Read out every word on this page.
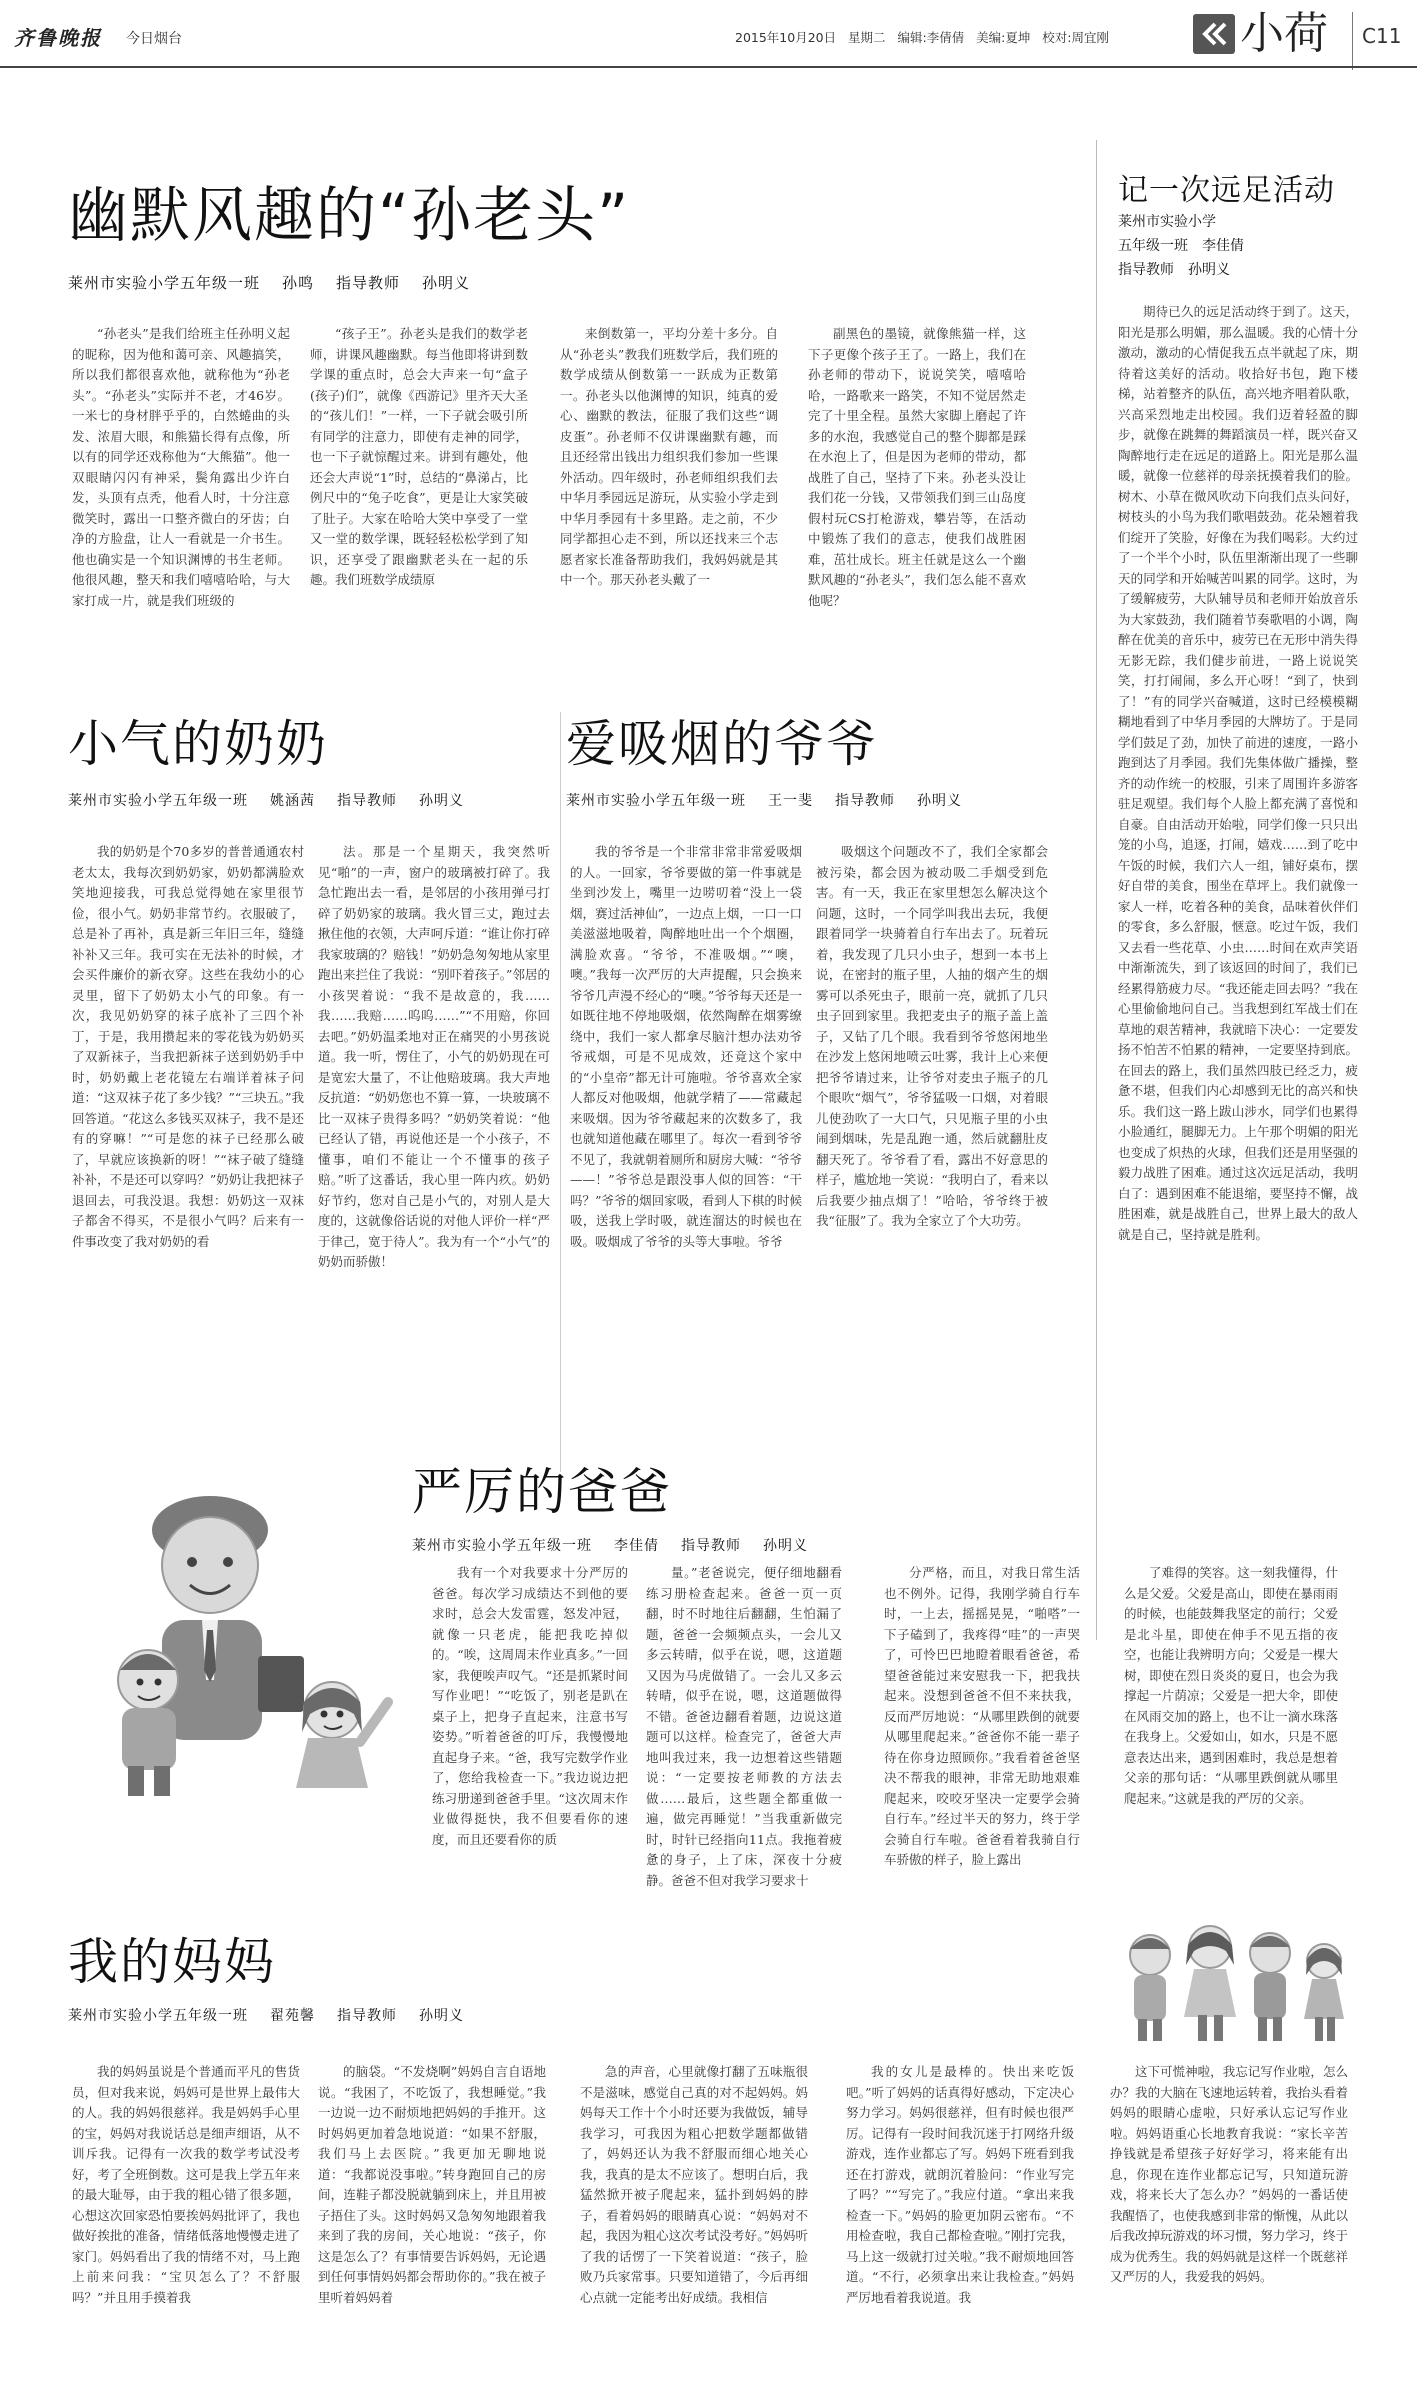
齐鲁晚报 今日烟台	2015年10月20日 星期二 编辑:李倩倩 美编:夏坤 校对:周宜刚	小荷 C11
幽默风趣的“孙老头”
莱州市实验小学五年级一班 孙鸣 指导教师 孙明义

“孙老头”是我们给班主任孙明义起的昵称，因为他和蔼可亲、风趣搞笑，所以我们都很喜欢他，就称他为“孙老头”。“孙老头”实际并不老，才46岁。一米七的身材胖乎乎的，白然蜷曲的头发、浓眉大眼，和熊猫长得有点像，所以有的同学还戏称他为“大熊猫”。他一双眼睛闪闪有神采，鬓角露出少许白发，头顶有点秃，他看人时，十分注意微笑时，露出一口整齐微白的牙齿；白净的方脸盘，让人一看就是一介书生。他也确实是一个知识渊博的书生老师。他很风趣，整天和我们嘻嘻哈哈，与大家打成一片，就是我们班级的

“孩子王”。孙老头是我们的数学老师，讲课风趣幽默。每当他即将讲到数学课的重点时，总会大声来一句“盒子(孩子)们”，就像《西游记》里齐天大圣的“孩儿们！”一样，一下子就会吸引所有同学的注意力，即使有走神的同学，也一下子就惊醒过来。讲到有趣处，他还会大声说“1”时，总结的“鼻涕占，比例尺中的“兔子吃食”，更是让大家笑破了肚子。大家在哈哈大笑中享受了一堂又一堂的数学课，既轻轻松松学到了知识，还享受了跟幽默老头在一起的乐趣。我们班数学成绩原

来倒数第一，平均分差十多分。自从“孙老头”教我们班数学后，我们班的数学成绩从倒数第一一跃成为正数第一。孙老头以他渊博的知识，纯真的爱心、幽默的教法，征服了我们这些“调皮蛋”。孙老师不仅讲课幽默有趣，而且还经常出钱出力组织我们参加一些课外活动。四年级时，孙老师组织我们去中华月季园远足游玩，从实验小学走到中华月季园有十多里路。走之前，不少同学都担心走不到，所以还找来三个志愿者家长准备帮助我们，我妈妈就是其中一个。那天孙老头戴了一

副黑色的墨镜，就像熊猫一样，这下子更像个孩子王了。一路上，我们在孙老师的带动下，说说笑笑，嘻嘻哈哈，一路歌来一路笑，不知不觉居然走完了十里全程。虽然大家脚上磨起了许多的水泡，我感觉自己的整个脚都是踩在水泡上了，但是因为老师的带动，都战胜了自己，坚持了下来。孙老头没让我们花一分钱，又带领我们到三山岛度假村玩CS打枪游戏，攀岩等，在活动中锻炼了我们的意志，使我们战胜困难，茁壮成长。班主任就是这么一个幽默风趣的“孙老头”，我们怎么能不喜欢他呢？

记一次远足活动
莱州市实验小学
五年级一班　李佳倩
指导教师　孙明义

期待已久的远足活动终于到了。这天，阳光是那么明媚，那么温暖。我的心情十分激动，激动的心情促我五点半就起了床，期待着这美好的活动。收拾好书包，跑下楼梯，站着整齐的队伍，高兴地齐唱着队歌，兴高采烈地走出校园。我们迈着轻盈的脚步，就像在跳舞的舞蹈演员一样，既兴奋又陶醉地行走在远足的道路上。阳光是那么温暖，就像一位慈祥的母亲抚摸着我们的脸。树木、小草在微风吹动下向我们点头问好，树枝头的小鸟为我们歌唱鼓劲。花朵翘着我们绽开了笑脸，好像在为我们喝彩。大约过了一个半个小时，队伍里渐渐出现了一些聊天的同学和开始喊苦叫累的同学。这时，为了缓解疲劳，大队辅导员和老师开始放音乐为大家鼓劲，我们随着节奏歌唱的小调，陶醉在优美的音乐中，疲劳已在无形中消失得无影无踪，我们健步前进，一路上说说笑笑，打打闹闹，多么开心呀！“到了，快到了！”有的同学兴奋喊道，这时已经模模糊糊地看到了中华月季园的大牌坊了。于是同学们鼓足了劲，加快了前进的速度，一路小跑到达了月季园。我们先集体做广播操，整齐的动作统一的校服，引来了周围许多游客驻足观望。我们每个人脸上都充满了喜悦和自豪。自由活动开始啦，同学们像一只只出笼的小鸟，追逐，打闹，嬉戏……到了吃中午饭的时候，我们六人一组，铺好桌布，摆好自带的美食，围坐在草坪上。我们就像一家人一样，吃着各种的美食，品味着伙伴们的零食，多么舒服，惬意。吃过午饭，我们又去看一些花草、小虫……时间在欢声笑语中渐渐流失，到了该返回的时间了，我们已经累得筋疲力尽。“我还能走回去吗？”我在心里偷偷地问自己。当我想到红军战士们在草地的艰苦精神，我就暗下决心：一定要发扬不怕苦不怕累的精神，一定要坚持到底。在回去的路上，我们虽然四肢已经乏力，疲惫不堪，但我们内心却感到无比的高兴和快乐。我们这一路上跋山涉水，同学们也累得小脸通红，腿脚无力。上午那个明媚的阳光也变成了炽热的火球，但我们还是用坚强的毅力战胜了困难。通过这次远足活动，我明白了：遇到困难不能退缩，要坚持不懈，战胜困难，就是战胜自己，世界上最大的敌人就是自己，坚持就是胜利。

小气的奶奶
莱州市实验小学五年级一班 姚涵茜 指导教师 孙明义

我的奶奶是个70多岁的普普通通农村老太太，我每次到奶奶家，奶奶都满脸欢笑地迎接我，可我总觉得她在家里很节俭，很小气。奶奶非常节约。衣服破了，总是补了再补，真是新三年旧三年，缝缝补补又三年。我可实在无法补的时候，才会买件廉价的新衣穿。这些在我幼小的心灵里，留下了奶奶太小气的印象。有一次，我见奶奶穿的袜子底补了三四个补丁，于是，我用攒起来的零花钱为奶奶买了双新袜子，当我把新袜子送到奶奶手中时，奶奶戴上老花镜左右端详着袜子问道：“这双袜子花了多少钱？”“三块五。”我回答道。“花这么多钱买双袜子，我不是还有的穿嘛！”“可是您的袜子已经那么破了，早就应该换新的呀！”“袜子破了缝缝补补，不是还可以穿吗？”奶奶让我把袜子退回去，可我没退。我想：奶奶这一双袜子都舍不得买，不是很小气吗？后来有一件事改变了我对奶奶的看

法。那是一个星期天，我突然听见“啪”的一声，窗户的玻璃被打碎了。我急忙跑出去一看，是邻居的小孩用弹弓打碎了奶奶家的玻璃。我火冒三丈，跑过去揪住他的衣领，大声呵斥道：“谁让你打碎我家玻璃的？赔钱！”奶奶急匆匆地从家里跑出来拦住了我说：“别吓着孩子。”邻居的小孩哭着说：“我不是故意的，我……我……我赔……呜呜……”“不用赔，你回去吧。”奶奶温柔地对正在痛哭的小男孩说道。我一听，愣住了，小气的奶奶现在可是宽宏大量了，不让他赔玻璃。我大声地反抗道：“奶奶您也不算一算，一块玻璃不比一双袜子贵得多吗？”奶奶笑着说：“他已经认了错，再说他还是一个小孩子，不懂事，咱们不能让一个不懂事的孩子赔。”听了这番话，我心里一阵内疚。奶奶好节约，您对自己是小气的，对别人是大度的，这就像俗话说的对他人评价一样“严于律己，宽于待人”。我为有一个“小气”的奶奶而骄傲！

爱吸烟的爷爷
莱州市实验小学五年级一班 王一斐 指导教师 孙明义

我的爷爷是一个非常非常非常爱吸烟的人。一回家，爷爷要做的第一件事就是坐到沙发上，嘴里一边唠叨着“没上一袋烟，赛过活神仙”，一边点上烟，一口一口美滋滋地吸着，陶醉地吐出一个个烟圈，满脸欢喜。“爷爷，不准吸烟。”“噢，噢。”我每一次严厉的大声提醒，只会换来爷爷几声漫不经心的“噢。”爷爷每天还是一如既往地不停地吸烟，依然陶醉在烟雾缭绕中，我们一家人都拿尽脑汁想办法劝爷爷戒烟，可是不见成效，还竟这个家中的“小皇帝”都无计可施啦。爷爷喜欢全家人都反对他吸烟，他就学精了——常藏起来吸烟。因为爷爷藏起来的次数多了，我也就知道他藏在哪里了。每次一看到爷爷不见了，我就朝着厕所和厨房大喊：“爷爷——！”爷爷总是跟没事人似的回答：“干吗？”爷爷的烟回家吸，看到人下棋的时候吸，送我上学时吸，就连溜达的时候也在吸。吸烟成了爷爷的头等大事啦。爷爷

吸烟这个问题改不了，我们全家都会被污染，都会因为被动吸二手烟受到危害。有一天，我正在家里想怎么解决这个问题，这时，一个同学叫我出去玩，我便跟着同学一块骑着自行车出去了。玩着玩着，我发现了几只小虫子，想到一本书上说，在密封的瓶子里，人抽的烟产生的烟雾可以杀死虫子，眼前一亮，就抓了几只虫子回到家里。我把麦虫子的瓶子盖上盖子，又钻了几个眼。我看到爷爷悠闲地坐在沙发上悠闲地喷云吐雾，我计上心来便把爷爷请过来，让爷爷对麦虫子瓶子的几个眼吹“烟气”，爷爷猛吸一口烟，对着眼儿使劲吹了一大口气，只见瓶子里的小虫闹到烟味，先是乱跑一通，然后就翻肚皮翻天死了。爷爷看了看，露出不好意思的样子，尴尬地一笑说：“我明白了，看来以后我要少抽点烟了！”哈哈，爷爷终于被我“征服”了。我为全家立了个大功劳。

严厉的爸爸
莱州市实验小学五年级一班 李佳倩 指导教师 孙明义

我有一个对我要求十分严厉的爸爸。每次学习成绩达不到他的要求时，总会大发雷霆，怒发冲冠，就像一只老虎，能把我吃掉似的。“唉，这周周末作业真多。”一回家，我便唉声叹气。“还是抓紧时间写作业吧！”“吃饭了，别老是趴在桌子上，把身子直起来，注意书写姿势。”听着爸爸的叮斥，我慢慢地直起身子来。“爸，我写完数学作业了，您给我检查一下。”我边说边把练习册递到爸爸手里。“这次周末作业做得挺快，我不但要看你的速度，而且还要看你的质

量。”老爸说完，便仔细地翻看练习册检查起来。爸爸一页一页翻，时不时地往后翻翻，生怕漏了题，爸爸一会频频点头，一会儿又多云转晴，似乎在说，嗯，这道题又因为马虎做错了。一会儿又多云转晴，似乎在说，嗯，这道题做得不错。爸爸边翻看着题，边说这道题可以这样。检查完了，爸爸大声地叫我过来，我一边想着这些错题说：“一定要按老师教的方法去做……最后，这些题全都重做一遍，做完再睡觉！”当我重新做完时，时针已经指向11点。我拖着疲惫的身子，上了床，深夜十分疲静。爸爸不但对我学习要求十

分严格，而且，对我日常生活也不例外。记得，我刚学骑自行车时，一上去，摇摇晃晃，“啪嗒”一下子磕到了，我疼得“哇”的一声哭了，可怜巴巴地瞪着眼看爸爸，希望爸爸能过来安慰我一下，把我扶起来。没想到爸爸不但不来扶我，反而严厉地说：“从哪里跌倒的就要从哪里爬起来。”爸爸你不能一辈子待在你身边照顾你。”我看着爸爸坚决不帮我的眼神，非常无助地艰难爬起来，咬咬牙坚决一定要学会骑自行车。”经过半天的努力，终于学会骑自行车啦。爸爸看着我骑自行车骄傲的样子，脸上露出

了难得的笑容。这一刻我懂得，什么是父爱。父爱是高山，即使在暴雨雨的时候，也能鼓舞我坚定的前行；父爱是北斗星，即使在伸手不见五指的夜空，也能让我辨明方向；父爱是一棵大树，即使在烈日炎炎的夏日，也会为我撑起一片荫凉；父爱是一把大伞，即使在风雨交加的路上，也不让一滴水珠落在我身上。父爱如山，如水，只是不愿意表达出来，遇到困难时，我总是想着父亲的那句话：“从哪里跌倒就从哪里爬起来。”这就是我的严厉的父亲。

我的妈妈
莱州市实验小学五年级一班 翟苑馨 指导教师 孙明义

我的妈妈虽说是个普通而平凡的售货员，但对我来说，妈妈可是世界上最伟大的人。我的妈妈很慈祥。我是妈妈手心里的宝，妈妈对我说话总是细声细语，从不训斥我。记得有一次我的数学考试没考好，考了全班倒数。这可是我上学五年来的最大耻辱，由于我的粗心错了很多题，心想这次回家恐怕要挨妈妈批评了，我也做好挨批的准备，情绪低落地慢慢走进了家门。妈妈看出了我的情绪不对，马上跑上前来问我：“宝贝怎么了？不舒服吗？”并且用手摸着我

的脑袋。“不发烧啊”妈妈自言自语地说。“我困了，不吃饭了，我想睡觉。”我一边说一边不耐烦地把妈妈的手推开。这时妈妈更加着急地说道：“如果不舒服，我们马上去医院。”我更加无聊地说道：“我都说没事啦。”转身跑回自己的房间，连鞋子都没脱就躺到床上，并且用被子捂住了头。这时妈妈又急匆匆地跟着我来到了我的房间，关心地说：“孩子，你这是怎么了？有事情要告诉妈妈，无论遇到任何事情妈妈都会帮助你的。”我在被子里听着妈妈着

急的声音，心里就像打翻了五味瓶很不是滋味，感觉自己真的对不起妈妈。妈妈每天工作十个小时还要为我做饭，辅导我学习，可我因为粗心把数学题都做错了，妈妈还认为我不舒服而细心地关心我，我真的是太不应该了。想明白后，我猛然掀开被子爬起来，猛扑到妈妈的脖子，看着妈妈的眼睛真心说：“妈妈对不起，我因为粗心这次考试没考好。”妈妈听了我的话愣了一下笑着说道：“孩子，脸败乃兵家常事。只要知道错了，今后再细心点就一定能考出好成绩。我相信

我的女儿是最棒的。快出来吃饭吧。”听了妈妈的话真得好感动，下定决心努力学习。妈妈很慈祥，但有时候也很严厉。记得有一段时间我沉迷于打网络升级游戏，连作业都忘了写。妈妈下班看到我还在打游戏，就朗沉着脸问：“作业写完了吗？”“写完了。”我应付道。“拿出来我检查一下。”妈妈的脸更加阴云密布。“不用检查啦，我自己都检查啦。”刚打完我，马上这一级就打过关啦。”我不耐烦地回答道。“不行，必须拿出来让我检查。”妈妈严厉地看着我说道。我

这下可慌神啦，我忘记写作业啦，怎么办？我的大脑在飞速地运转着，我抬头看着妈妈的眼睛心虚啦，只好承认忘记写作业啦。妈妈语重心长地教育我说：“家长辛苦挣钱就是希望孩子好好学习，将来能有出息，你现在连作业都忘记写，只知道玩游戏，将来长大了怎么办？”妈妈的一番话使我醒悟了，也使我感到非常的惭愧，从此以后我改掉玩游戏的坏习惯，努力学习，终于成为优秀生。我的妈妈就是这样一个既慈祥又严厉的人，我爱我的妈妈。
